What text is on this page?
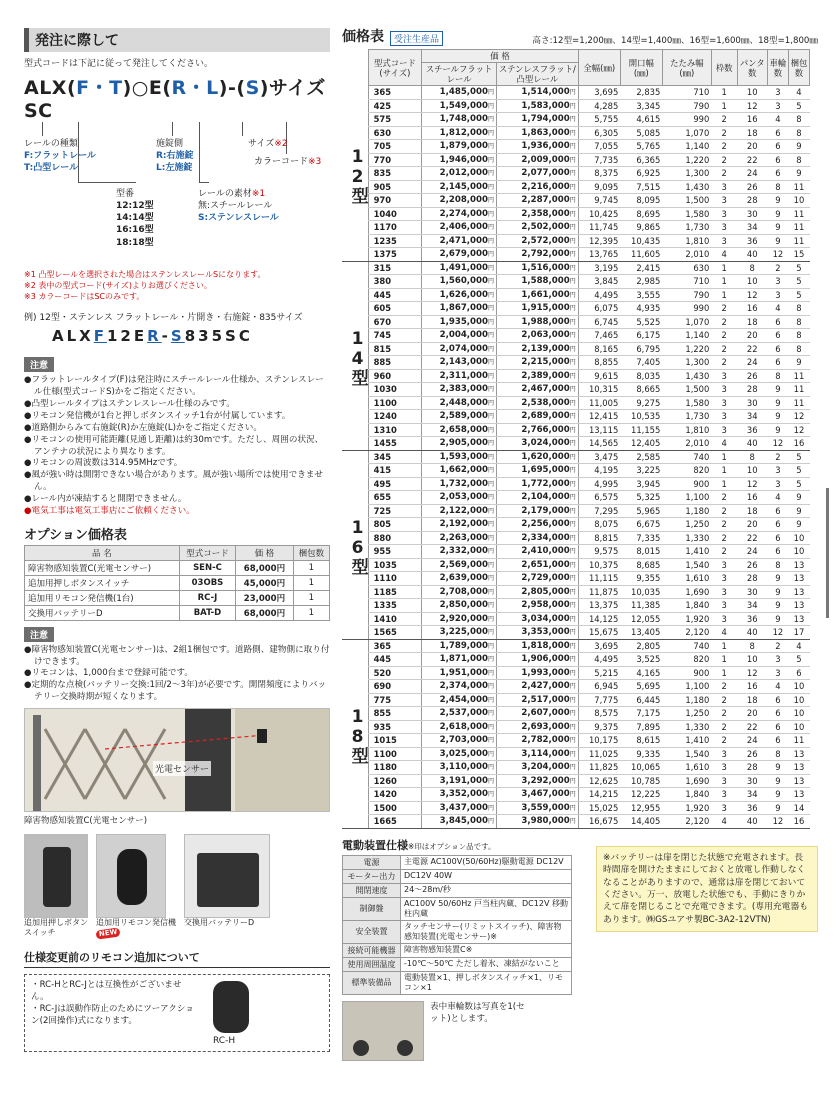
発注に際して
型式コードは下記に従って発注してください。
ALX(F・T)○E(R・L)-(S)サイズSC
レールの種類
F:フラットレール
T:凸型レール
施錠側
R:右施錠
L:左施錠
サイズ※2
カラーコード※3
型番
12:12型
14:14型
16:16型
18:18型
レールの素材※1
無:スチールレール
S:ステンレスレール
※1 凸型レールを選択された場合はステンレスレールSになります。
※2 表中の型式コード(サイズ)よりお選びください。
※3 カラーコードはSCのみです。
例) 12型・ステンレス フラットレール・片開き・右施錠・835サイズ
ALXF12ER-S835SC
注意
●フラットレールタイプ(F)は発注時にスチールレール仕様か、ステンレスレール仕様(型式コードS)かをご指定ください。
●凸型レールタイプはステンレスレール仕様のみです。
●リモコン発信機が1台と押しボタンスイッチ1台が付属しています。
●道路側からみて右施錠(R)か左施錠(L)かをご指定ください。
●リモコンの使用可能距離(見通し距離)は約30mです。ただし、周囲の状況、アンテナの状況により異なります。
●リモコンの周波数は314.95MHzです。
●風が強い時は開閉できない場合があります。風が強い場所では使用できません。
●レール内が凍結すると開閉できません。
●電気工事は電気工事店にご依頼ください。
オプション価格表
品 名	型式コード	価 格	梱包数
障害物感知装置C(光電センサー)	SEN-C	68,000円	1
追加用押しボタンスイッチ	03OBS	45,000円	1
追加用リモコン発信機(1台)	RC-J	23,000円	1
交換用バッテリーD	BAT-D	68,000円	1
注意
●障害物感知装置C(光電センサー)は、2組1梱包です。道路側、建物側に取り付けできます。
●リモコンは、1,000台まで登録可能です。
●定期的な点検(バッテリー交換:1回/2〜3年)が必要です。開閉頻度によりバッテリー交換時期が短くなります。
光電センサー
障害物感知装置C(光電センサー)
追加用押しボタンスイッチ
追加用リモコン発信機
NEW
交換用バッテリーD
仕様変更前のリモコン追加について
・RC-HとRC-Jとは互換性がございません。
・RC-Jは誤動作防止のためにツーアクション(2回操作)式になります。
RC-H
価格表	受注生産品	高さ:12型=1,200㎜、14型=1,400㎜、16型=1,600㎜、18型=1,800㎜
	型式コード(サイズ)	価 格		全幅(㎜)	開口幅(㎜)	たたみ幅(㎜)	枠数	パンタ数	車輪数	梱包数
		スチールフラットレール	ステンレスフラット/凸型レール							
12型	365	1,485,000円	1,514,000円	3,695	2,835	710	1	10	3	4
	425	1,549,000円	1,583,000円	4,285	3,345	790	1	12	3	5
	575	1,748,000円	1,794,000円	5,755	4,615	990	2	16	4	8
	630	1,812,000円	1,863,000円	6,305	5,085	1,070	2	18	6	8
	705	1,879,000円	1,936,000円	7,055	5,765	1,140	2	20	6	9
	770	1,946,000円	2,009,000円	7,735	6,365	1,220	2	22	6	8
	835	2,012,000円	2,077,000円	8,375	6,925	1,300	2	24	6	9
	905	2,145,000円	2,216,000円	9,095	7,515	1,430	3	26	8	11
	970	2,208,000円	2,287,000円	9,745	8,095	1,500	3	28	9	10
	1040	2,274,000円	2,358,000円	10,425	8,695	1,580	3	30	9	11
	1170	2,406,000円	2,502,000円	11,745	9,865	1,730	3	34	9	11
	1235	2,471,000円	2,572,000円	12,395	10,435	1,810	3	36	9	11
	1375	2,679,000円	2,792,000円	13,765	11,605	2,010	4	40	12	15
14型	315	1,491,000円	1,516,000円	3,195	2,415	630	1	8	2	5
	380	1,560,000円	1,588,000円	3,845	2,985	710	1	10	3	5
	445	1,626,000円	1,661,000円	4,495	3,555	790	1	12	3	5
	605	1,867,000円	1,915,000円	6,075	4,935	990	2	16	4	8
	670	1,935,000円	1,988,000円	6,745	5,525	1,070	2	18	6	8
	745	2,004,000円	2,063,000円	7,465	6,175	1,140	2	20	6	8
	815	2,074,000円	2,139,000円	8,165	6,795	1,220	2	22	6	8
	885	2,143,000円	2,215,000円	8,855	7,405	1,300	2	24	6	9
	960	2,311,000円	2,389,000円	9,615	8,035	1,430	3	26	8	11
	1030	2,383,000円	2,467,000円	10,315	8,665	1,500	3	28	9	11
	1100	2,448,000円	2,538,000円	11,005	9,275	1,580	3	30	9	11
	1240	2,589,000円	2,689,000円	12,415	10,535	1,730	3	34	9	12
	1310	2,658,000円	2,766,000円	13,115	11,155	1,810	3	36	9	12
	1455	2,905,000円	3,024,000円	14,565	12,405	2,010	4	40	12	16
16型	345	1,593,000円	1,620,000円	3,475	2,585	740	1	8	2	5
	415	1,662,000円	1,695,000円	4,195	3,225	820	1	10	3	5
	495	1,732,000円	1,772,000円	4,995	3,945	900	1	12	3	5
	655	2,053,000円	2,104,000円	6,575	5,325	1,100	2	16	4	9
	725	2,122,000円	2,179,000円	7,295	5,965	1,180	2	18	6	9
	805	2,192,000円	2,256,000円	8,075	6,675	1,250	2	20	6	9
	880	2,263,000円	2,334,000円	8,815	7,335	1,330	2	22	6	10
	955	2,332,000円	2,410,000円	9,575	8,015	1,410	2	24	6	10
	1035	2,569,000円	2,651,000円	10,375	8,685	1,540	3	26	8	13
	1110	2,639,000円	2,729,000円	11,115	9,355	1,610	3	28	9	13
	1185	2,708,000円	2,805,000円	11,875	10,035	1,690	3	30	9	13
	1335	2,850,000円	2,958,000円	13,375	11,385	1,840	3	34	9	13
	1410	2,920,000円	3,034,000円	14,125	12,055	1,920	3	36	9	13
	1565	3,225,000円	3,353,000円	15,675	13,405	2,120	4	40	12	17
18型	365	1,789,000円	1,818,000円	3,695	2,805	740	1	8	2	4
	445	1,871,000円	1,906,000円	4,495	3,525	820	1	10	3	5
	520	1,951,000円	1,993,000円	5,215	4,165	900	1	12	3	6
	690	2,374,000円	2,427,000円	6,945	5,695	1,100	2	16	4	10
	775	2,454,000円	2,517,000円	7,775	6,445	1,180	2	18	6	10
	855	2,537,000円	2,607,000円	8,575	7,175	1,250	2	20	6	10
	935	2,618,000円	2,693,000円	9,375	7,895	1,330	2	22	6	10
	1015	2,703,000円	2,782,000円	10,175	8,615	1,410	2	24	6	11
	1100	3,025,000円	3,114,000円	11,025	9,335	1,540	3	26	8	13
	1180	3,110,000円	3,204,000円	11,825	10,065	1,610	3	28	9	13
	1260	3,191,000円	3,292,000円	12,625	10,785	1,690	3	30	9	13
	1420	3,352,000円	3,467,000円	14,215	12,225	1,840	3	34	9	13
	1500	3,437,000円	3,559,000円	15,025	12,955	1,920	3	36	9	14
	1665	3,845,000円	3,980,000円	16,675	14,405	2,120	4	40	12	16
電動装置仕様※印はオプション品です。
電源	主電源 AC100V(50/60Hz)駆動電源 DC12V
モーター出力	DC12V 40W
開閉速度	24〜28m/秒
制御盤	AC100V 50/60Hz 戸当柱内蔵、DC12V 移動柱内蔵
安全装置	タッチセンサー(リミットスイッチ)、障害物感知装置(光電センサー)※
接続可能機器	障害物感知装置C※
使用周囲温度	-10℃〜50℃ ただし着氷、凍結がないこと
標準装備品	電動装置×1、押しボタンスイッチ×1、リモコン×1
表中車輪数は写真を1(セット)とします。
※バッテリーは扉を閉じた状態で充電されます。長時間扉を開けたままにしておくと放電し作動しなくなることがありますので、通常は扉を閉じておいてください。万一、放電した状態でも、手動にきりかえて扉を閉じることで充電できます。(専用充電器もあります。㈱GSユアサ製BC-3A2-12VTN)
